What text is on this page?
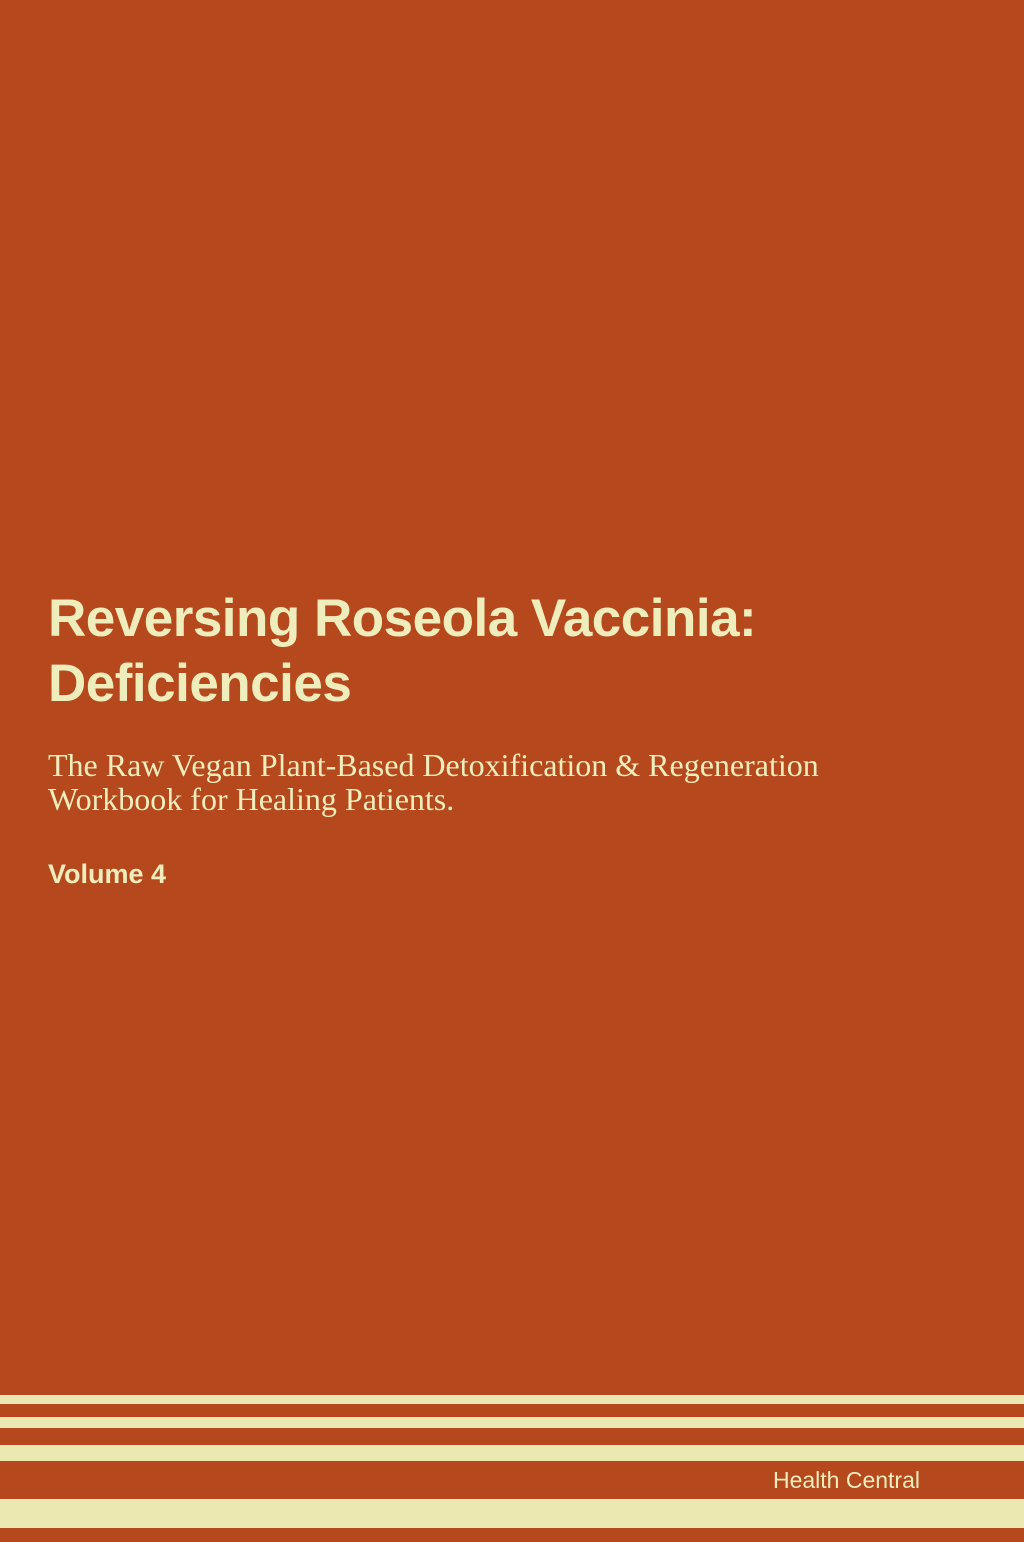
Reversing Roseola Vaccinia:
Deficiencies

The Raw Vegan Plant-Based Detoxification & Regeneration
Workbook for Healing Patients.

Volume 4

Health Central
